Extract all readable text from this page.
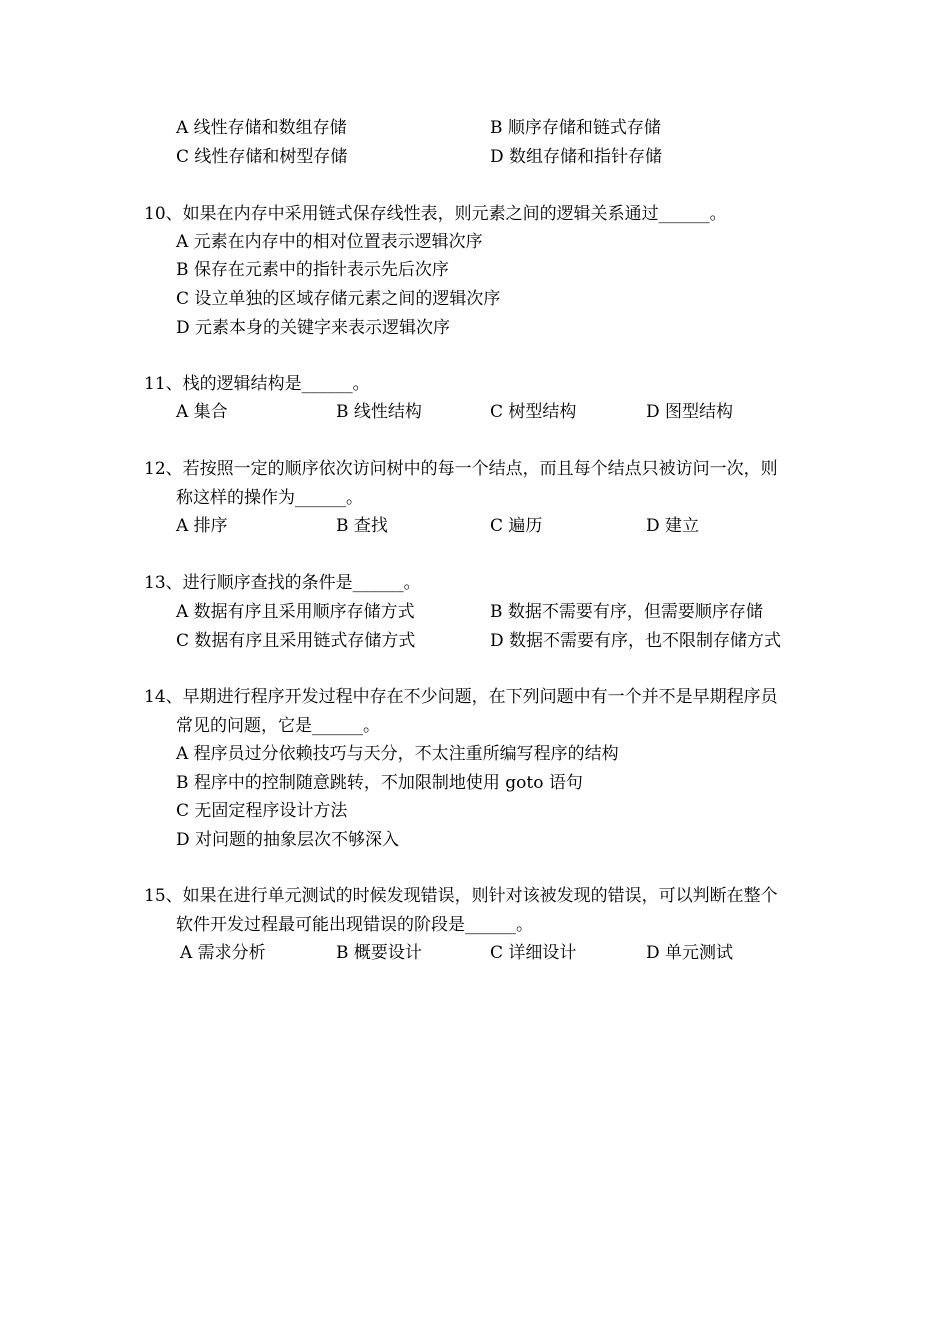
A 线性存储和数组存储	B 顺序存储和链式存储
C 线性存储和树型存储	D 数组存储和指针存储
10、如果在内存中采用链式保存线性表，则元素之间的逻辑关系通过______。
A 元素在内存中的相对位置表示逻辑次序
B 保存在元素中的指针表示先后次序
C 设立单独的区域存储元素之间的逻辑次序
D 元素本身的关键字来表示逻辑次序
11、栈的逻辑结构是______。
A 集合	B 线性结构	C 树型结构	D 图型结构
12、若按照一定的顺序依次访问树中的每一个结点，而且每个结点只被访问一次，则
称这样的操作为______。
A 排序	B 查找	C 遍历	D 建立
13、进行顺序查找的条件是______。
A 数据有序且采用顺序存储方式	B 数据不需要有序，但需要顺序存储
C 数据有序且采用链式存储方式	D 数据不需要有序，也不限制存储方式
14、早期进行程序开发过程中存在不少问题，在下列问题中有一个并不是早期程序员
常见的问题，它是______。
A 程序员过分依赖技巧与天分，不太注重所编写程序的结构
B 程序中的控制随意跳转，不加限制地使用 goto 语句
C 无固定程序设计方法
D 对问题的抽象层次不够深入
15、如果在进行单元测试的时候发现错误，则针对该被发现的错误，可以判断在整个
软件开发过程最可能出现错误的阶段是______。
A 需求分析	B 概要设计	C 详细设计	D 单元测试
